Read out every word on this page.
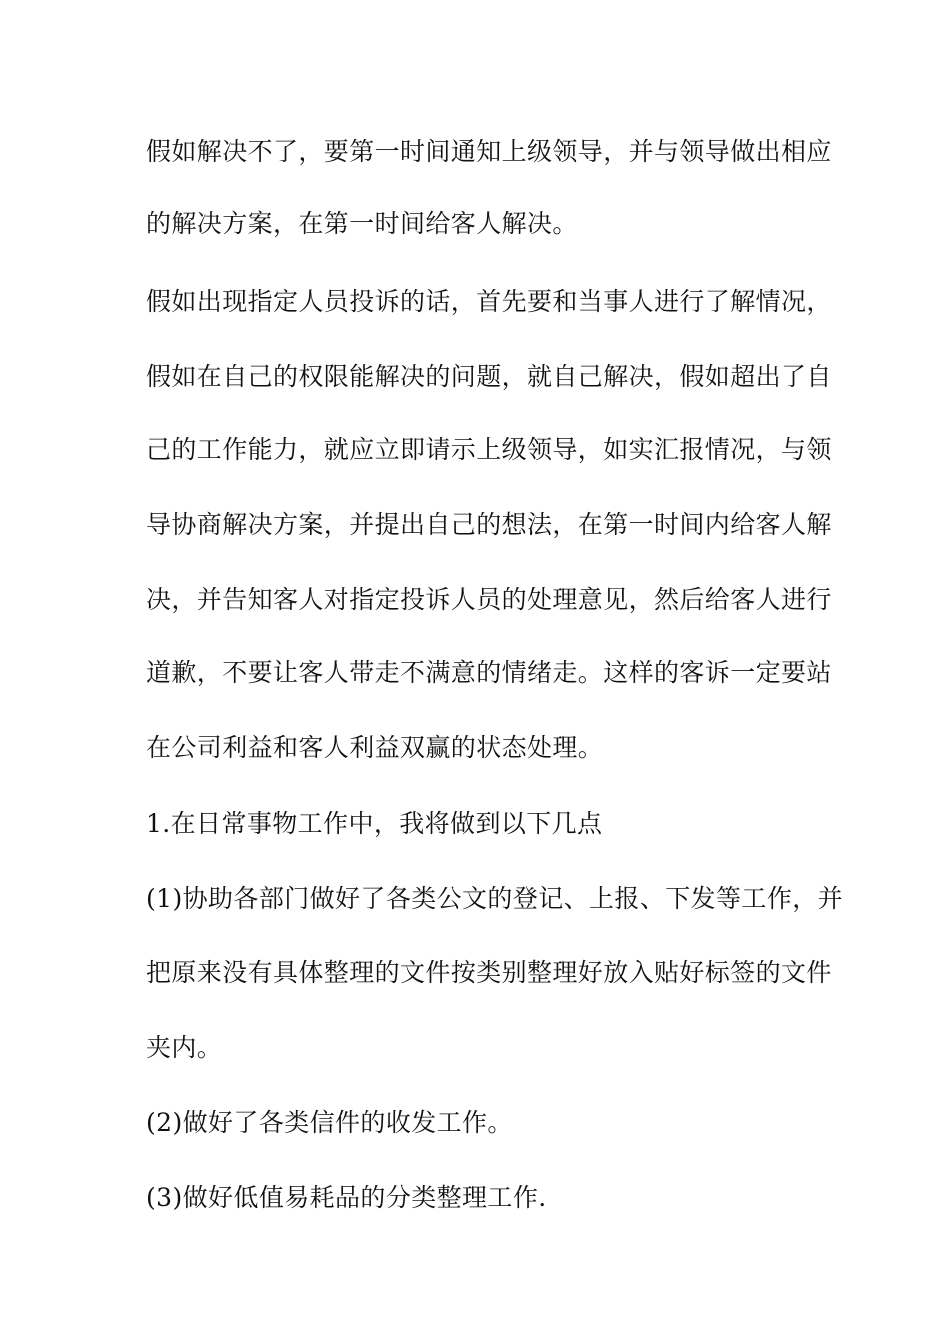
假如解决不了，要第一时间通知上级领导，并与领导做出相应
的解决方案，在第一时间给客人解决。
假如出现指定人员投诉的话，首先要和当事人进行了解情况，
假如在自己的权限能解决的问题，就自己解决，假如超出了自
己的工作能力，就应立即请示上级领导，如实汇报情况，与领
导协商解决方案，并提出自己的想法，在第一时间内给客人解
决，并告知客人对指定投诉人员的处理意见，然后给客人进行
道歉，不要让客人带走不满意的情绪走。这样的客诉一定要站
在公司利益和客人利益双赢的状态处理。
1.在日常事物工作中，我将做到以下几点
(1)协助各部门做好了各类公文的登记、上报、下发等工作，并
把原来没有具体整理的文件按类别整理好放入贴好标签的文件
夹内。
(2)做好了各类信件的收发工作。
(3)做好低值易耗品的分类整理工作.
